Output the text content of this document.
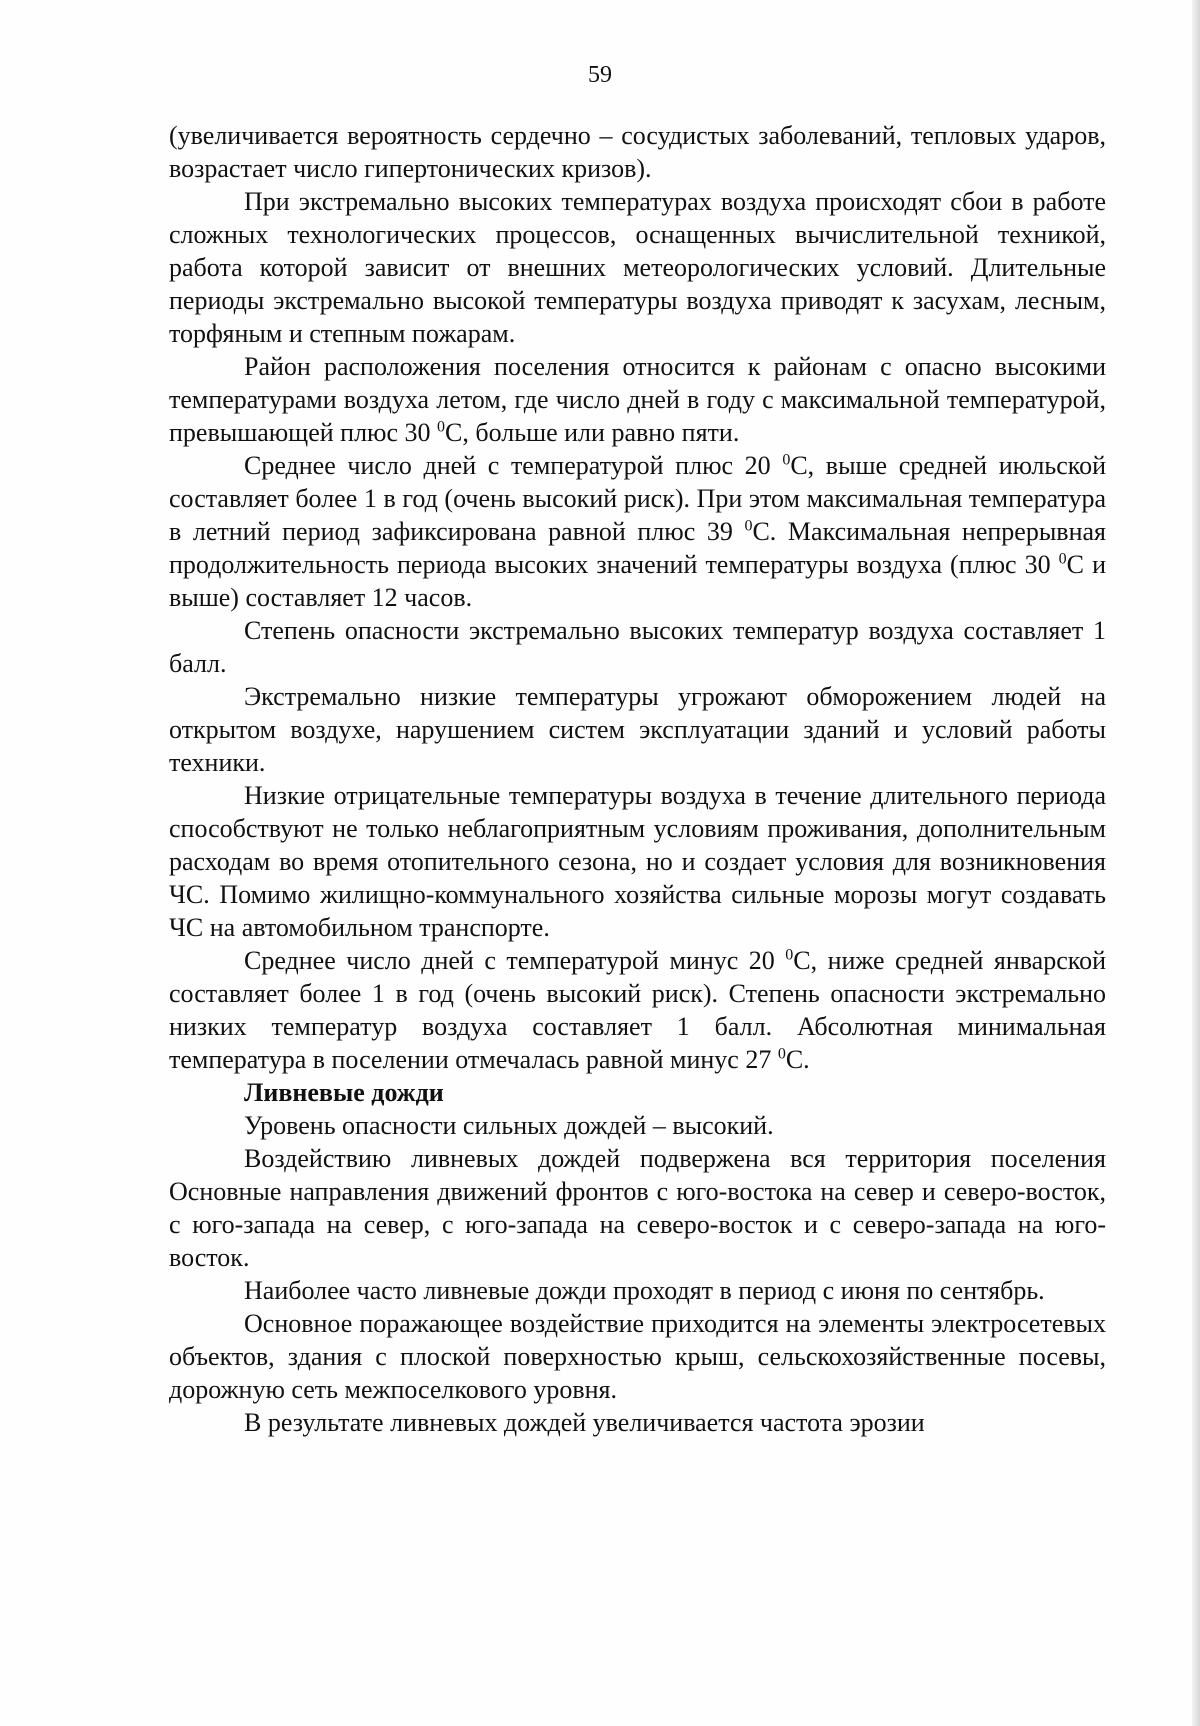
59

(увеличивается вероятность сердечно – сосудистых заболеваний, тепловых ударов, возрастает число гипертонических кризов).

При экстремально высоких температурах воздуха происходят сбои в работе сложных технологических процессов, оснащенных вычислительной техникой, работа которой зависит от внешних метеорологических условий. Длительные периоды экстремально высокой температуры воздуха приводят к засухам, лесным, торфяным и степным пожарам.

Район расположения поселения относится к районам с опасно высокими температурами воздуха летом, где число дней в году с максимальной температурой, превышающей плюс 30 $^0$С, больше или равно пяти.

Среднее число дней с температурой плюс 20 $^0$С, выше средней июльской составляет более 1 в год (очень высокий риск). При этом максимальная температура в летний период зафиксирована равной плюс 39 $^0$С. Максимальная непрерывная продолжительность периода высоких значений температуры воздуха (плюс 30 $^0$С и выше) составляет 12 часов.

Степень опасности экстремально высоких температур воздуха составляет 1 балл.

Экстремально низкие температуры угрожают обморожением людей на открытом воздухе, нарушением систем эксплуатации зданий и условий работы техники.

Низкие отрицательные температуры воздуха в течение длительного периода способствуют не только неблагоприятным условиям проживания, дополнительным расходам во время отопительного сезона, но и создает условия для возникновения ЧС. Помимо жилищно-коммунального хозяйства сильные морозы могут создавать ЧС на автомобильном транспорте.

Среднее число дней с температурой минус 20 $^0$С, ниже средней январской составляет более 1 в год (очень высокий риск). Степень опасности экстремально низких температур воздуха составляет 1 балл. Абсолютная минимальная температура в поселении отмечалась равной минус 27 $^0$С.

Ливневые дожди

Уровень опасности сильных дождей – высокий.

Воздействию ливневых дождей подвержена вся территория поселения Основные направления движений фронтов с юго-востока на север и северо-восток, с юго-запада на север, с юго-запада на северо-восток и с северо-запада на юго-восток.

Наиболее часто ливневые дожди проходят в период с июня по сентябрь.

Основное поражающее воздействие приходится на элементы электросетевых объектов, здания с плоской поверхностью крыш, сельскохозяйственные посевы, дорожную сеть межпоселкового уровня.

В результате ливневых дождей увеличивается частота эрозии
